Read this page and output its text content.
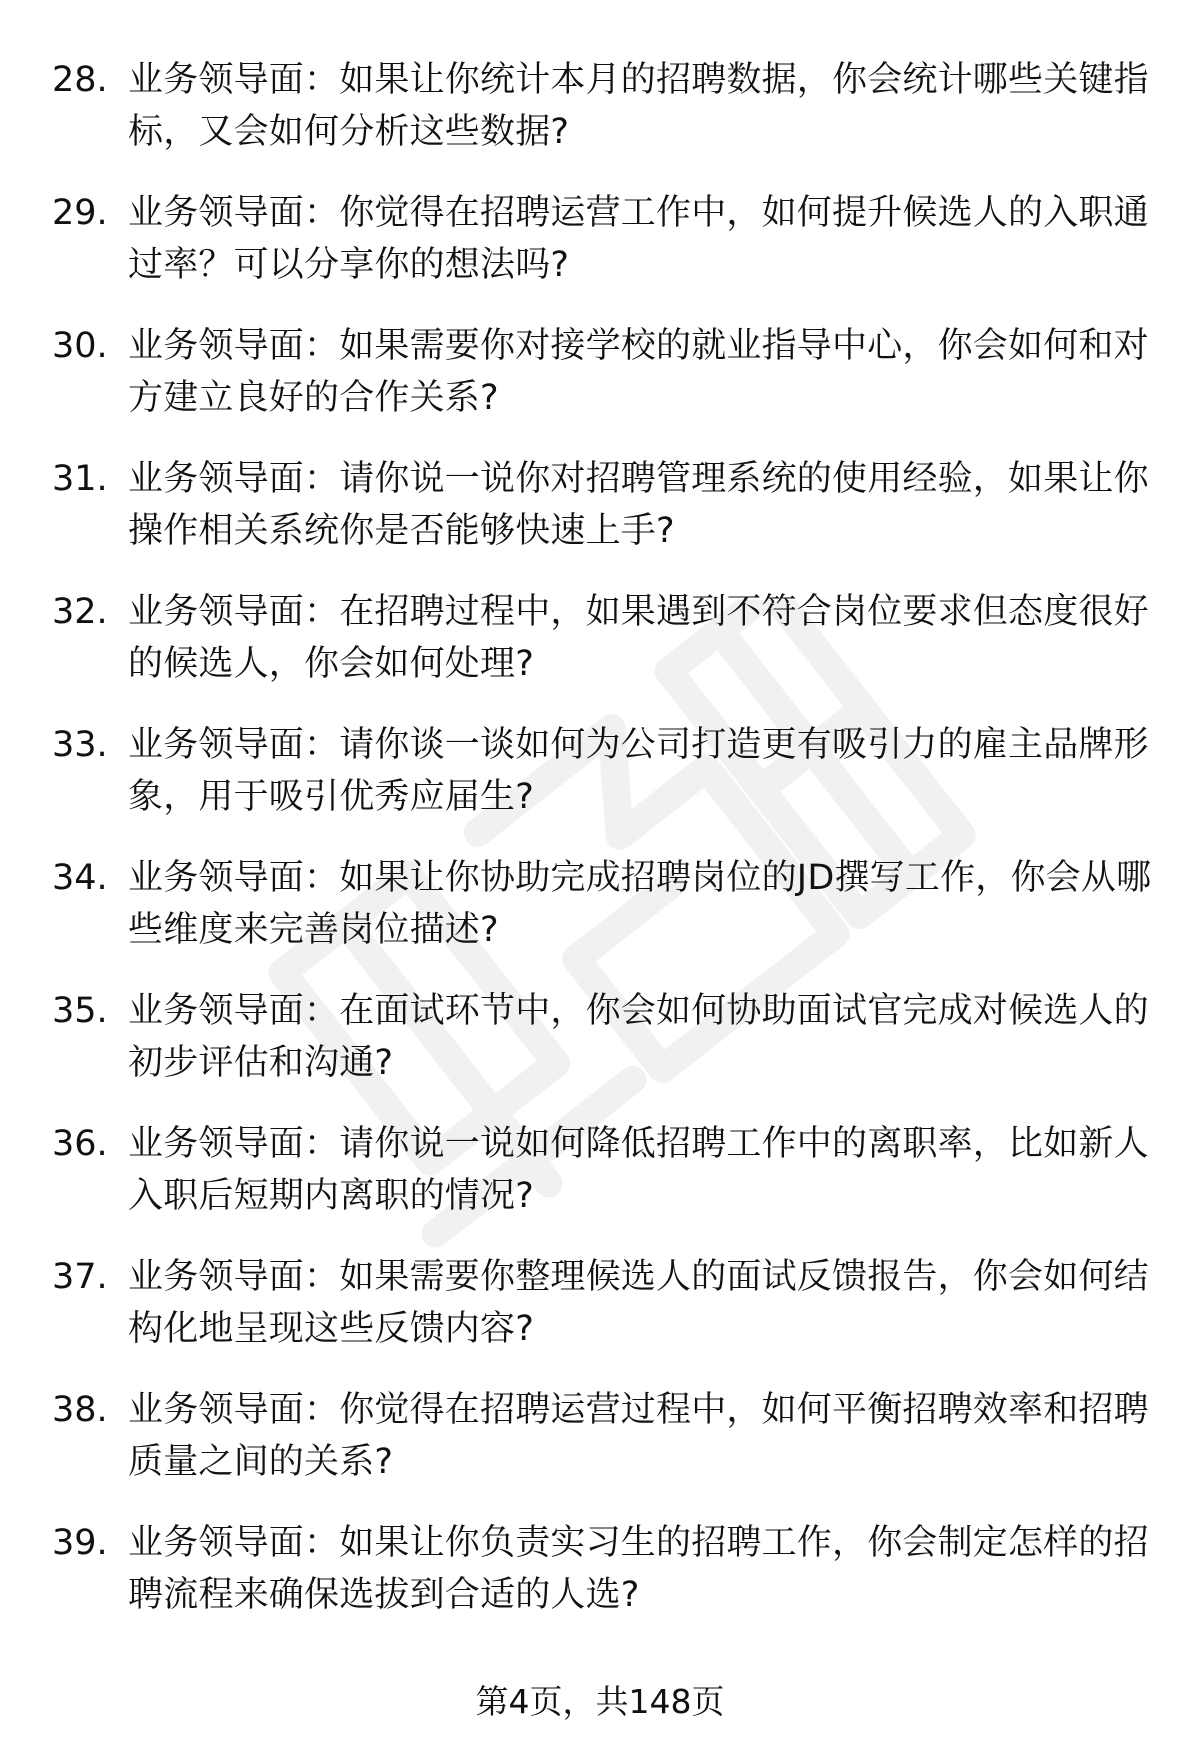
28. 业务领导面：如果让你统计本月的招聘数据，你会统计哪些关键指标，又会如何分析这些数据?
29. 业务领导面：你觉得在招聘运营工作中，如何提升候选人的入职通过率？可以分享你的想法吗?
30. 业务领导面：如果需要你对接学校的就业指导中心，你会如何和对方建立良好的合作关系?
31. 业务领导面：请你说一说你对招聘管理系统的使用经验，如果让你操作相关系统你是否能够快速上手?
32. 业务领导面：在招聘过程中，如果遇到不符合岗位要求但态度很好的候选人，你会如何处理?
33. 业务领导面：请你谈一谈如何为公司打造更有吸引力的雇主品牌形象，用于吸引优秀应届生?
34. 业务领导面：如果让你协助完成招聘岗位的JD撰写工作，你会从哪些维度来完善岗位描述?
35. 业务领导面：在面试环节中，你会如何协助面试官完成对候选人的初步评估和沟通?
36. 业务领导面：请你说一说如何降低招聘工作中的离职率，比如新人入职后短期内离职的情况?
37. 业务领导面：如果需要你整理候选人的面试反馈报告，你会如何结构化地呈现这些反馈内容?
38. 业务领导面：你觉得在招聘运营过程中，如何平衡招聘效率和招聘质量之间的关系?
39. 业务领导面：如果让你负责实习生的招聘工作，你会制定怎样的招聘流程来确保选拔到合适的人选?
第4页，共148页
